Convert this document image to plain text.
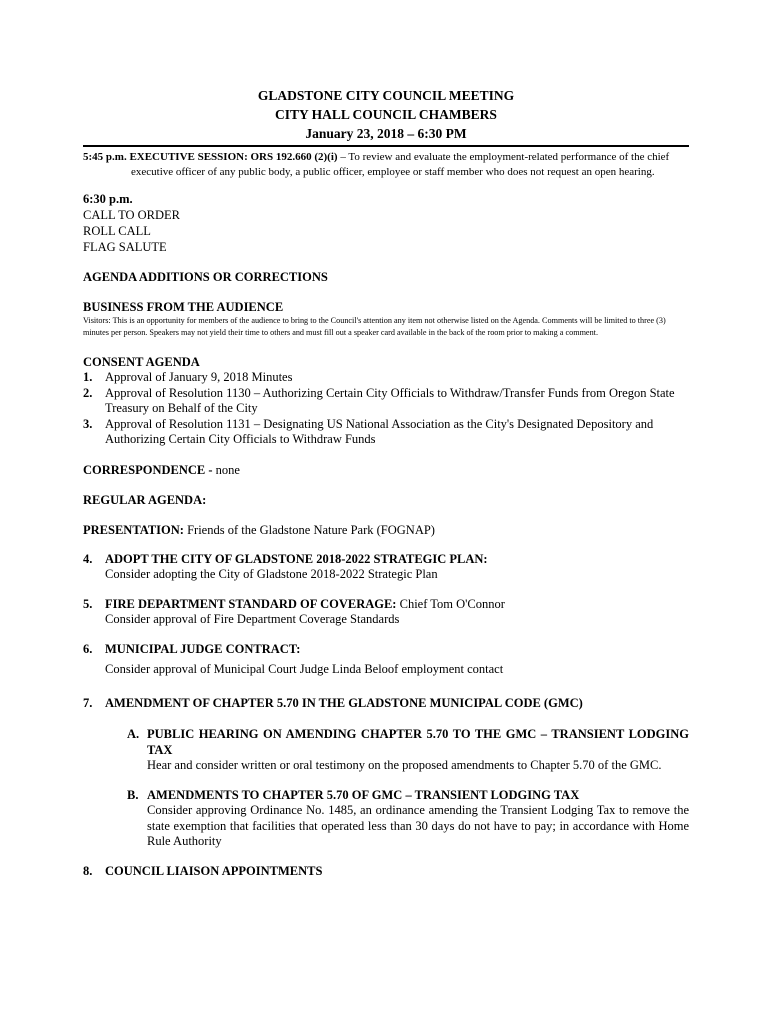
GLADSTONE CITY COUNCIL MEETING
CITY HALL COUNCIL CHAMBERS
January 23, 2018 – 6:30 PM
5:45 p.m. EXECUTIVE SESSION: ORS 192.660 (2)(i) – To review and evaluate the employment-related performance of the chief executive officer of any public body, a public officer, employee or staff member who does not request an open hearing.
6:30 p.m.
CALL TO ORDER
ROLL CALL
FLAG SALUTE
AGENDA ADDITIONS OR CORRECTIONS
BUSINESS FROM THE AUDIENCE
Visitors: This is an opportunity for members of the audience to bring to the Council's attention any item not otherwise listed on the Agenda. Comments will be limited to three (3) minutes per person. Speakers may not yield their time to others and must fill out a speaker card available in the back of the room prior to making a comment.
CONSENT AGENDA
1.	Approval of January 9, 2018 Minutes
2.	Approval of Resolution 1130 – Authorizing Certain City Officials to Withdraw/Transfer Funds from Oregon State Treasury on Behalf of the City
3.	Approval of Resolution 1131 – Designating US National Association as the City's Designated Depository and Authorizing Certain City Officials to Withdraw Funds
CORRESPONDENCE - none
REGULAR AGENDA:
PRESENTATION: Friends of the Gladstone Nature Park (FOGNAP)
4.	ADOPT THE CITY OF GLADSTONE 2018-2022 STRATEGIC PLAN:
Consider adopting the City of Gladstone 2018-2022 Strategic Plan
5.	FIRE DEPARTMENT STANDARD OF COVERAGE: Chief Tom O'Connor
Consider approval of Fire Department Coverage Standards
6.	MUNICIPAL JUDGE CONTRACT:
Consider approval of Municipal Court Judge Linda Beloof employment contact
7.	AMENDMENT OF CHAPTER 5.70 IN THE GLADSTONE MUNICIPAL CODE (GMC)
A. PUBLIC HEARING ON AMENDING CHAPTER 5.70 TO THE GMC – TRANSIENT LODGING TAX
Hear and consider written or oral testimony on the proposed amendments to Chapter 5.70 of the GMC.
B. AMENDMENTS TO CHAPTER 5.70 OF GMC – TRANSIENT LODGING TAX
Consider approving Ordinance No. 1485, an ordinance amending the Transient Lodging Tax to remove the state exemption that facilities that operated less than 30 days do not have to pay; in accordance with Home Rule Authority
8.	COUNCIL LIAISON APPOINTMENTS
